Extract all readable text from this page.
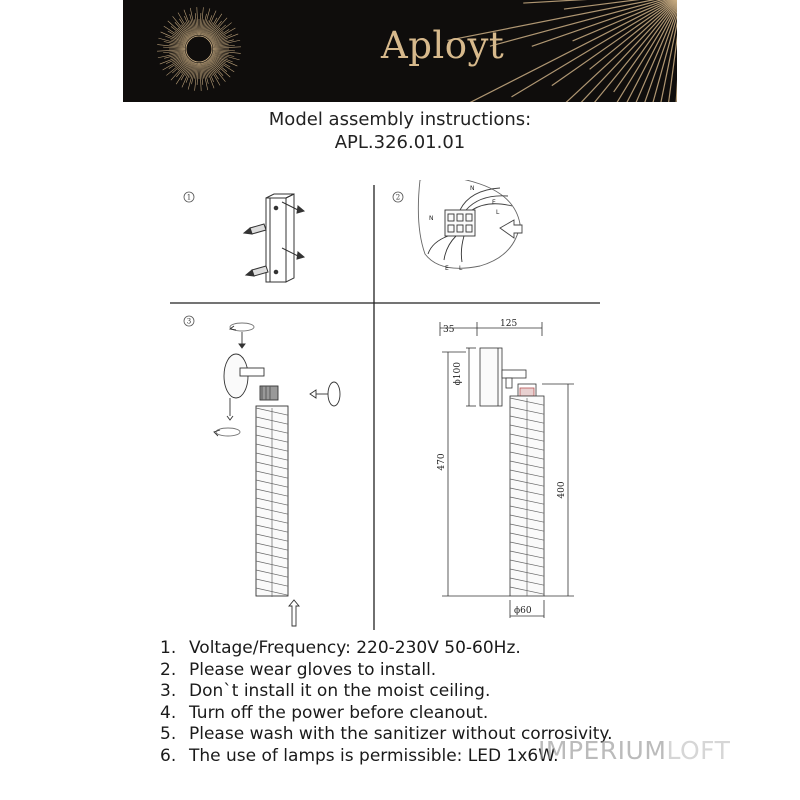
Aployt
Model assembly instructions:
APL.326.01.01
1	2
3
N
E
L
N
E L
35
125
ϕ100
470
400
ϕ60
1. Voltage/Frequency: 220-230V 50-60Hz.
2. Please wear gloves to install.
3. Don`t install it on the moist ceiling.
4. Turn off the power before cleanout.
5. Please wash with the sanitizer without corrosivity.
6. The use of lamps is permissible: LED 1x6W.
IMPERIUMLOFT
